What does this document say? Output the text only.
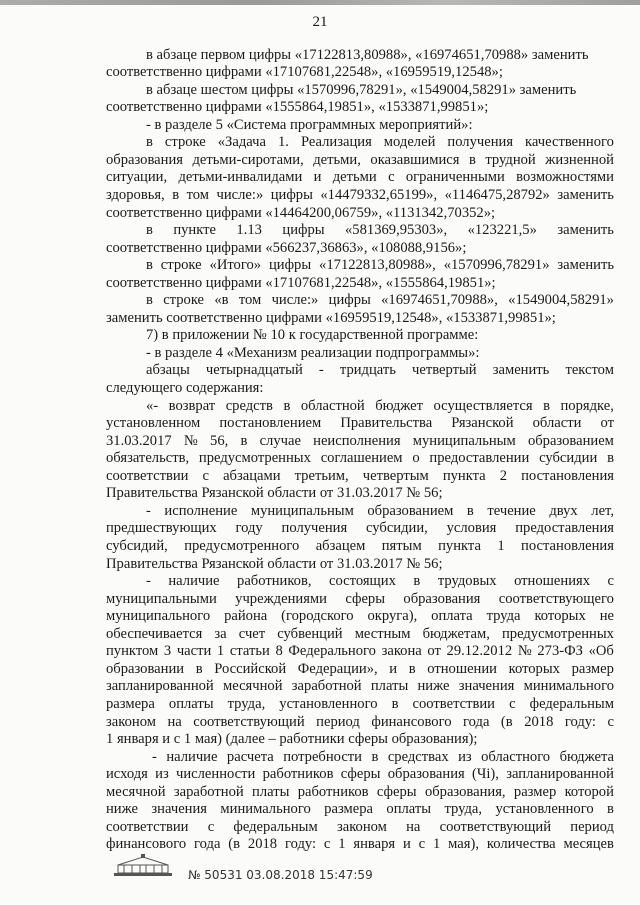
21
в абзаце первом цифры «17122813,80988», «16974651,70988» заменить
соответственно цифрами «17107681,22548», «16959519,12548»;
в абзаце шестом цифры «1570996,78291», «1549004,58291» заменить
соответственно цифрами «1555864,19851», «1533871,99851»;
- в разделе 5 «Система программных мероприятий»:
в строке «Задача 1. Реализация моделей получения качественного
образования детьми-сиротами, детьми, оказавшимися в трудной жизненной
ситуации, детьми-инвалидами и детьми с ограниченными возможностями
здоровья, в том числе:» цифры «14479332,65199», «1146475,28792» заменить
соответственно цифрами «14464200,06759», «1131342,70352»;
в пункте 1.13 цифры «581369,95303», «123221,5» заменить
соответственно цифрами «566237,36863», «108088,9156»;
в строке «Итого» цифры «17122813,80988», «1570996,78291» заменить
соответственно цифрами «17107681,22548», «1555864,19851»;
в строке «в том числе:» цифры «16974651,70988», «1549004,58291»
заменить соответственно цифрами «16959519,12548», «1533871,99851»;
7) в приложении № 10 к государственной программе:
- в разделе 4 «Механизм реализации подпрограммы»:
абзацы четырнадцатый - тридцать четвертый заменить текстом
следующего содержания:
«- возврат средств в областной бюджет осуществляется в порядке,
установленном постановлением Правительства Рязанской области от
31.03.2017 № 56, в случае неисполнения муниципальным образованием
обязательств, предусмотренных соглашением о предоставлении субсидии в
соответствии с абзацами третьим, четвертым пункта 2 постановления
Правительства Рязанской области от 31.03.2017 № 56;
- исполнение муниципальным образованием в течение двух лет,
предшествующих году получения субсидии, условия предоставления
субсидий, предусмотренного абзацем пятым пункта 1 постановления
Правительства Рязанской области от 31.03.2017 № 56;
- наличие работников, состоящих в трудовых отношениях с
муниципальными учреждениями сферы образования соответствующего
муниципального района (городского округа), оплата труда которых не
обеспечивается за счет субвенций местным бюджетам, предусмотренных
пунктом 3 части 1 статьи 8 Федерального закона от 29.12.2012 № 273-ФЗ «Об
образовании в Российской Федерации», и в отношении которых размер
запланированной месячной заработной платы ниже значения минимального
размера оплаты труда, установленного в соответствии с федеральным
законом на соответствующий период финансового года (в 2018 году: с
1 января и с 1 мая) (далее – работники сферы образования);
- наличие расчета потребности в средствах из областного бюджета
исходя из численности работников сферы образования (Чi), запланированной
месячной заработной платы работников сферы образования, размер которой
ниже значения минимального размера оплаты труда, установленного в
соответствии с федеральным законом на соответствующий период
финансового года (в 2018 году: с 1 января и с 1 мая), количества месяцев
№ 50531 03.08.2018 15:47:59
